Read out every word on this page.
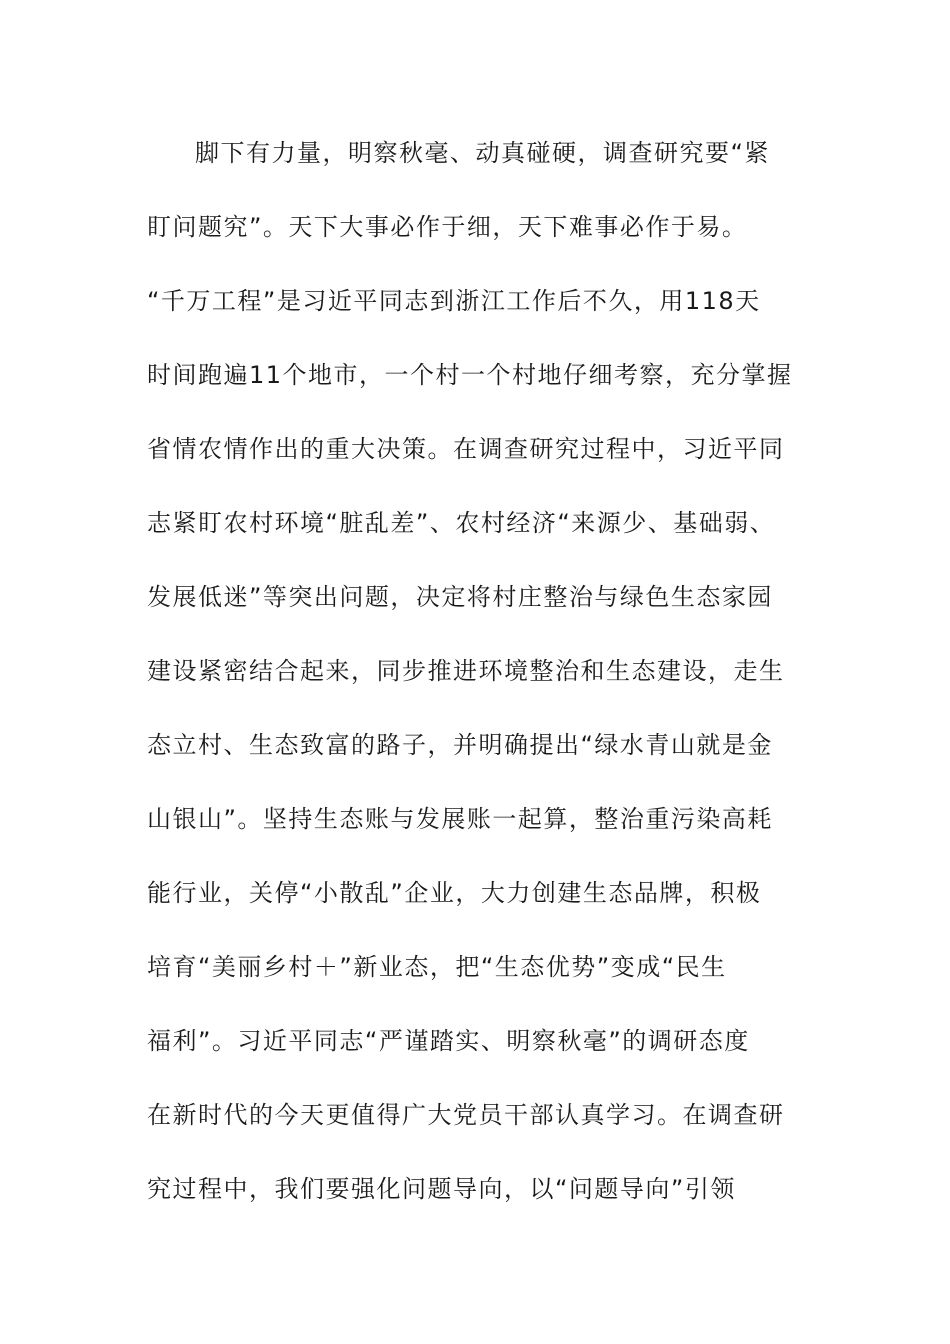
脚下有力量，明察秋毫、动真碰硬，调查研究要“紧
盯问题究”。天下大事必作于细，天下难事必作于易。
“千万工程”是习近平同志到浙江工作后不久，用118天
时间跑遍11个地市，一个村一个村地仔细考察，充分掌握
省情农情作出的重大决策。在调查研究过程中，习近平同
志紧盯农村环境“脏乱差”、农村经济“来源少、基础弱、
发展低迷”等突出问题，决定将村庄整治与绿色生态家园
建设紧密结合起来，同步推进环境整治和生态建设，走生
态立村、生态致富的路子，并明确提出“绿水青山就是金
山银山”。坚持生态账与发展账一起算，整治重污染高耗
能行业，关停“小散乱”企业，大力创建生态品牌，积极
培育“美丽乡村＋”新业态，把“生态优势”变成“民生
福利”。习近平同志“严谨踏实、明察秋毫”的调研态度
在新时代的今天更值得广大党员干部认真学习。在调查研
究过程中，我们要强化问题导向，以“问题导向”引领
